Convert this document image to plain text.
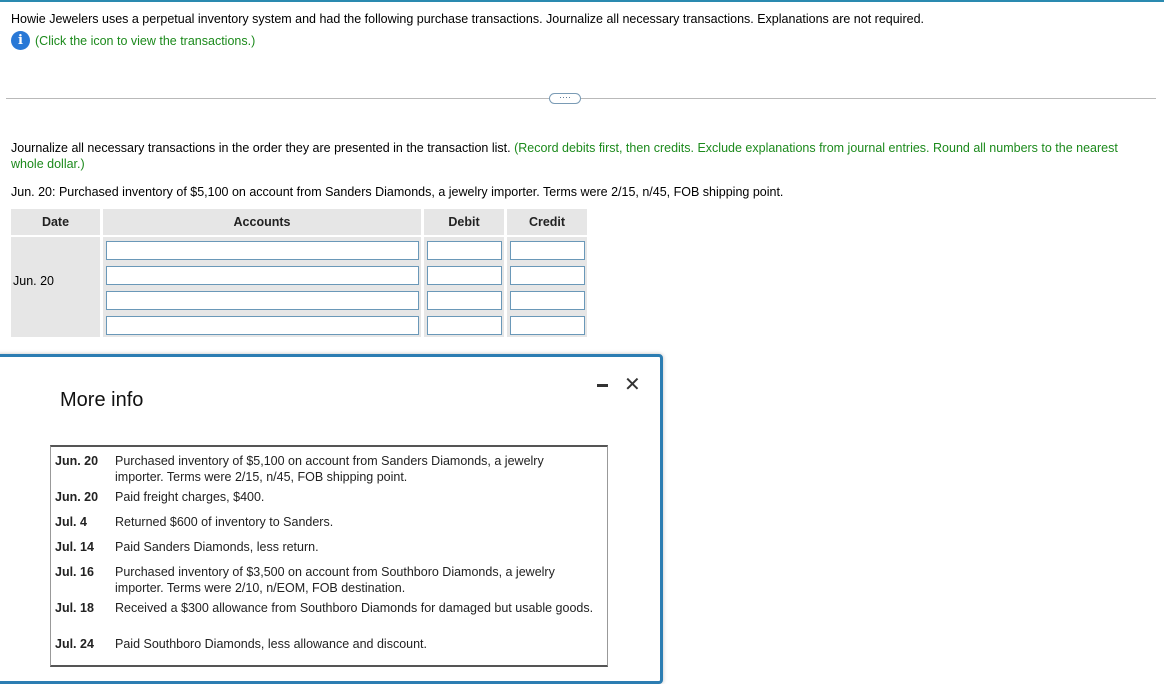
Howie Jewelers uses a perpetual inventory system and had the following purchase transactions. Journalize all necessary transactions. Explanations are not required.
i (Click the icon to view the transactions.)
····
Journalize all necessary transactions in the order they are presented in the transaction list. (Record debits first, then credits. Exclude explanations from journal entries. Round all numbers to the nearest whole dollar.)
Jun. 20: Purchased inventory of $5,100 on account from Sanders Diamonds, a jewelry importer. Terms were 2/15, n/45, FOB shipping point.
Date	Accounts	Debit	Credit
Jun. 20
More info
✕
Jun. 20 Purchased inventory of $5,100 on account from Sanders Diamonds, a jewelry importer. Terms were 2/15, n/45, FOB shipping point.
Jun. 20 Paid freight charges, $400.
Jul. 4 Returned $600 of inventory to Sanders.
Jul. 14 Paid Sanders Diamonds, less return.
Jul. 16 Purchased inventory of $3,500 on account from Southboro Diamonds, a jewelry importer. Terms were 2/10, n/EOM, FOB destination.
Jul. 18 Received a $300 allowance from Southboro Diamonds for damaged but usable goods.
Jul. 24 Paid Southboro Diamonds, less allowance and discount.
